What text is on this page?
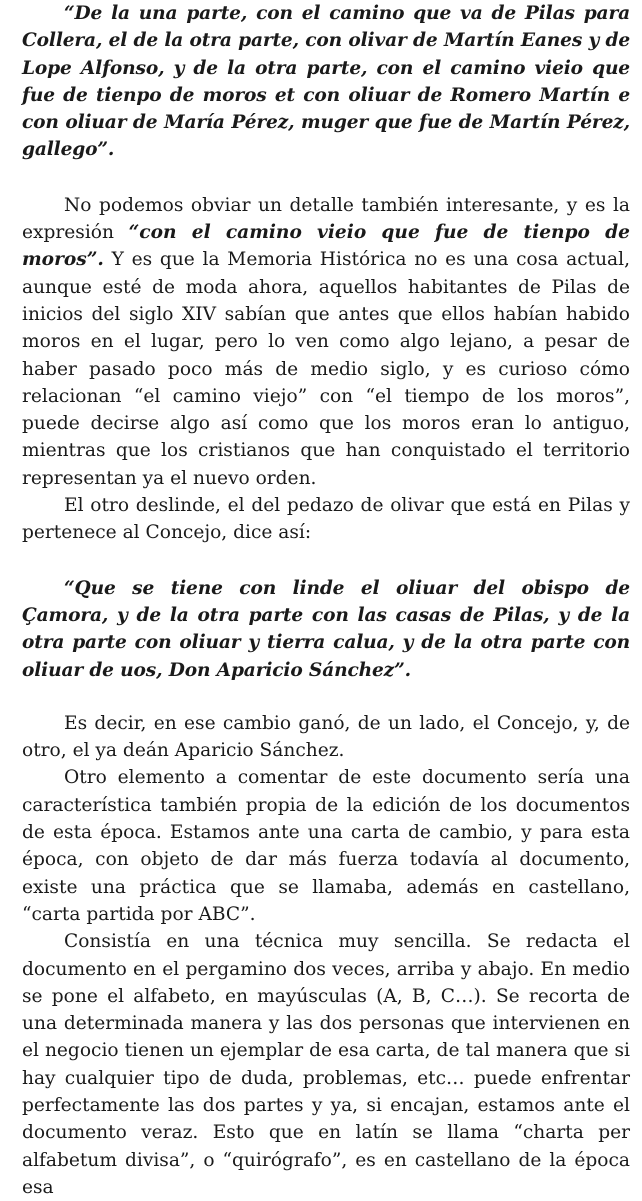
“De la una parte, con el camino que va de Pilas para Collera, el de la otra parte, con olivar de Martín Eanes y de Lope Alfonso, y de la otra parte, con el camino vieio que fue de tienpo de moros et con oliuar de Romero Martín e con oliuar de María Pérez, muger que fue de Martín Pérez, gallego”.

No podemos obviar un detalle también interesante, y es la expresión “con el camino vieio que fue de tienpo de moros”. Y es que la Memoria Histórica no es una cosa actual, aunque esté de moda ahora, aquellos habitantes de Pilas de inicios del siglo XIV sabían que antes que ellos habían habido moros en el lugar, pero lo ven como algo lejano, a pesar de haber pasado poco más de medio siglo, y es curioso cómo relacionan “el camino viejo” con “el tiempo de los moros”, puede decirse algo así como que los moros eran lo antiguo, mientras que los cristianos que han conquistado el territorio representan ya el nuevo orden.

El otro deslinde, el del pedazo de olivar que está en Pilas y pertenece al Concejo, dice así:

“Que se tiene con linde el oliuar del obispo de Çamora, y de la otra parte con las casas de Pilas, y de la otra parte con oliuar y tierra calua, y de la otra parte con oliuar de uos, Don Aparicio Sánchez”.

Es decir, en ese cambio ganó, de un lado, el Concejo, y, de otro, el ya deán Aparicio Sánchez.

Otro elemento a comentar de este documento sería una característica también propia de la edición de los documentos de esta época. Estamos ante una carta de cambio, y para esta época, con objeto de dar más fuerza todavía al documento, existe una práctica que se llamaba, además en castellano, “carta partida por ABC”.

Consistía en una técnica muy sencilla. Se redacta el documento en el pergamino dos veces, arriba y abajo. En medio se pone el alfabeto, en mayúsculas (A, B, C…). Se recorta de una determinada manera y las dos personas que intervienen en el negocio tienen un ejemplar de esa carta, de tal manera que si hay cualquier tipo de duda, problemas, etc… puede enfrentar perfectamente las dos partes y ya, si encajan, estamos ante el documento veraz. Esto que en latín se llama “charta per alfabetum divisa”, o “quirógrafo”, es en castellano de la época esa
